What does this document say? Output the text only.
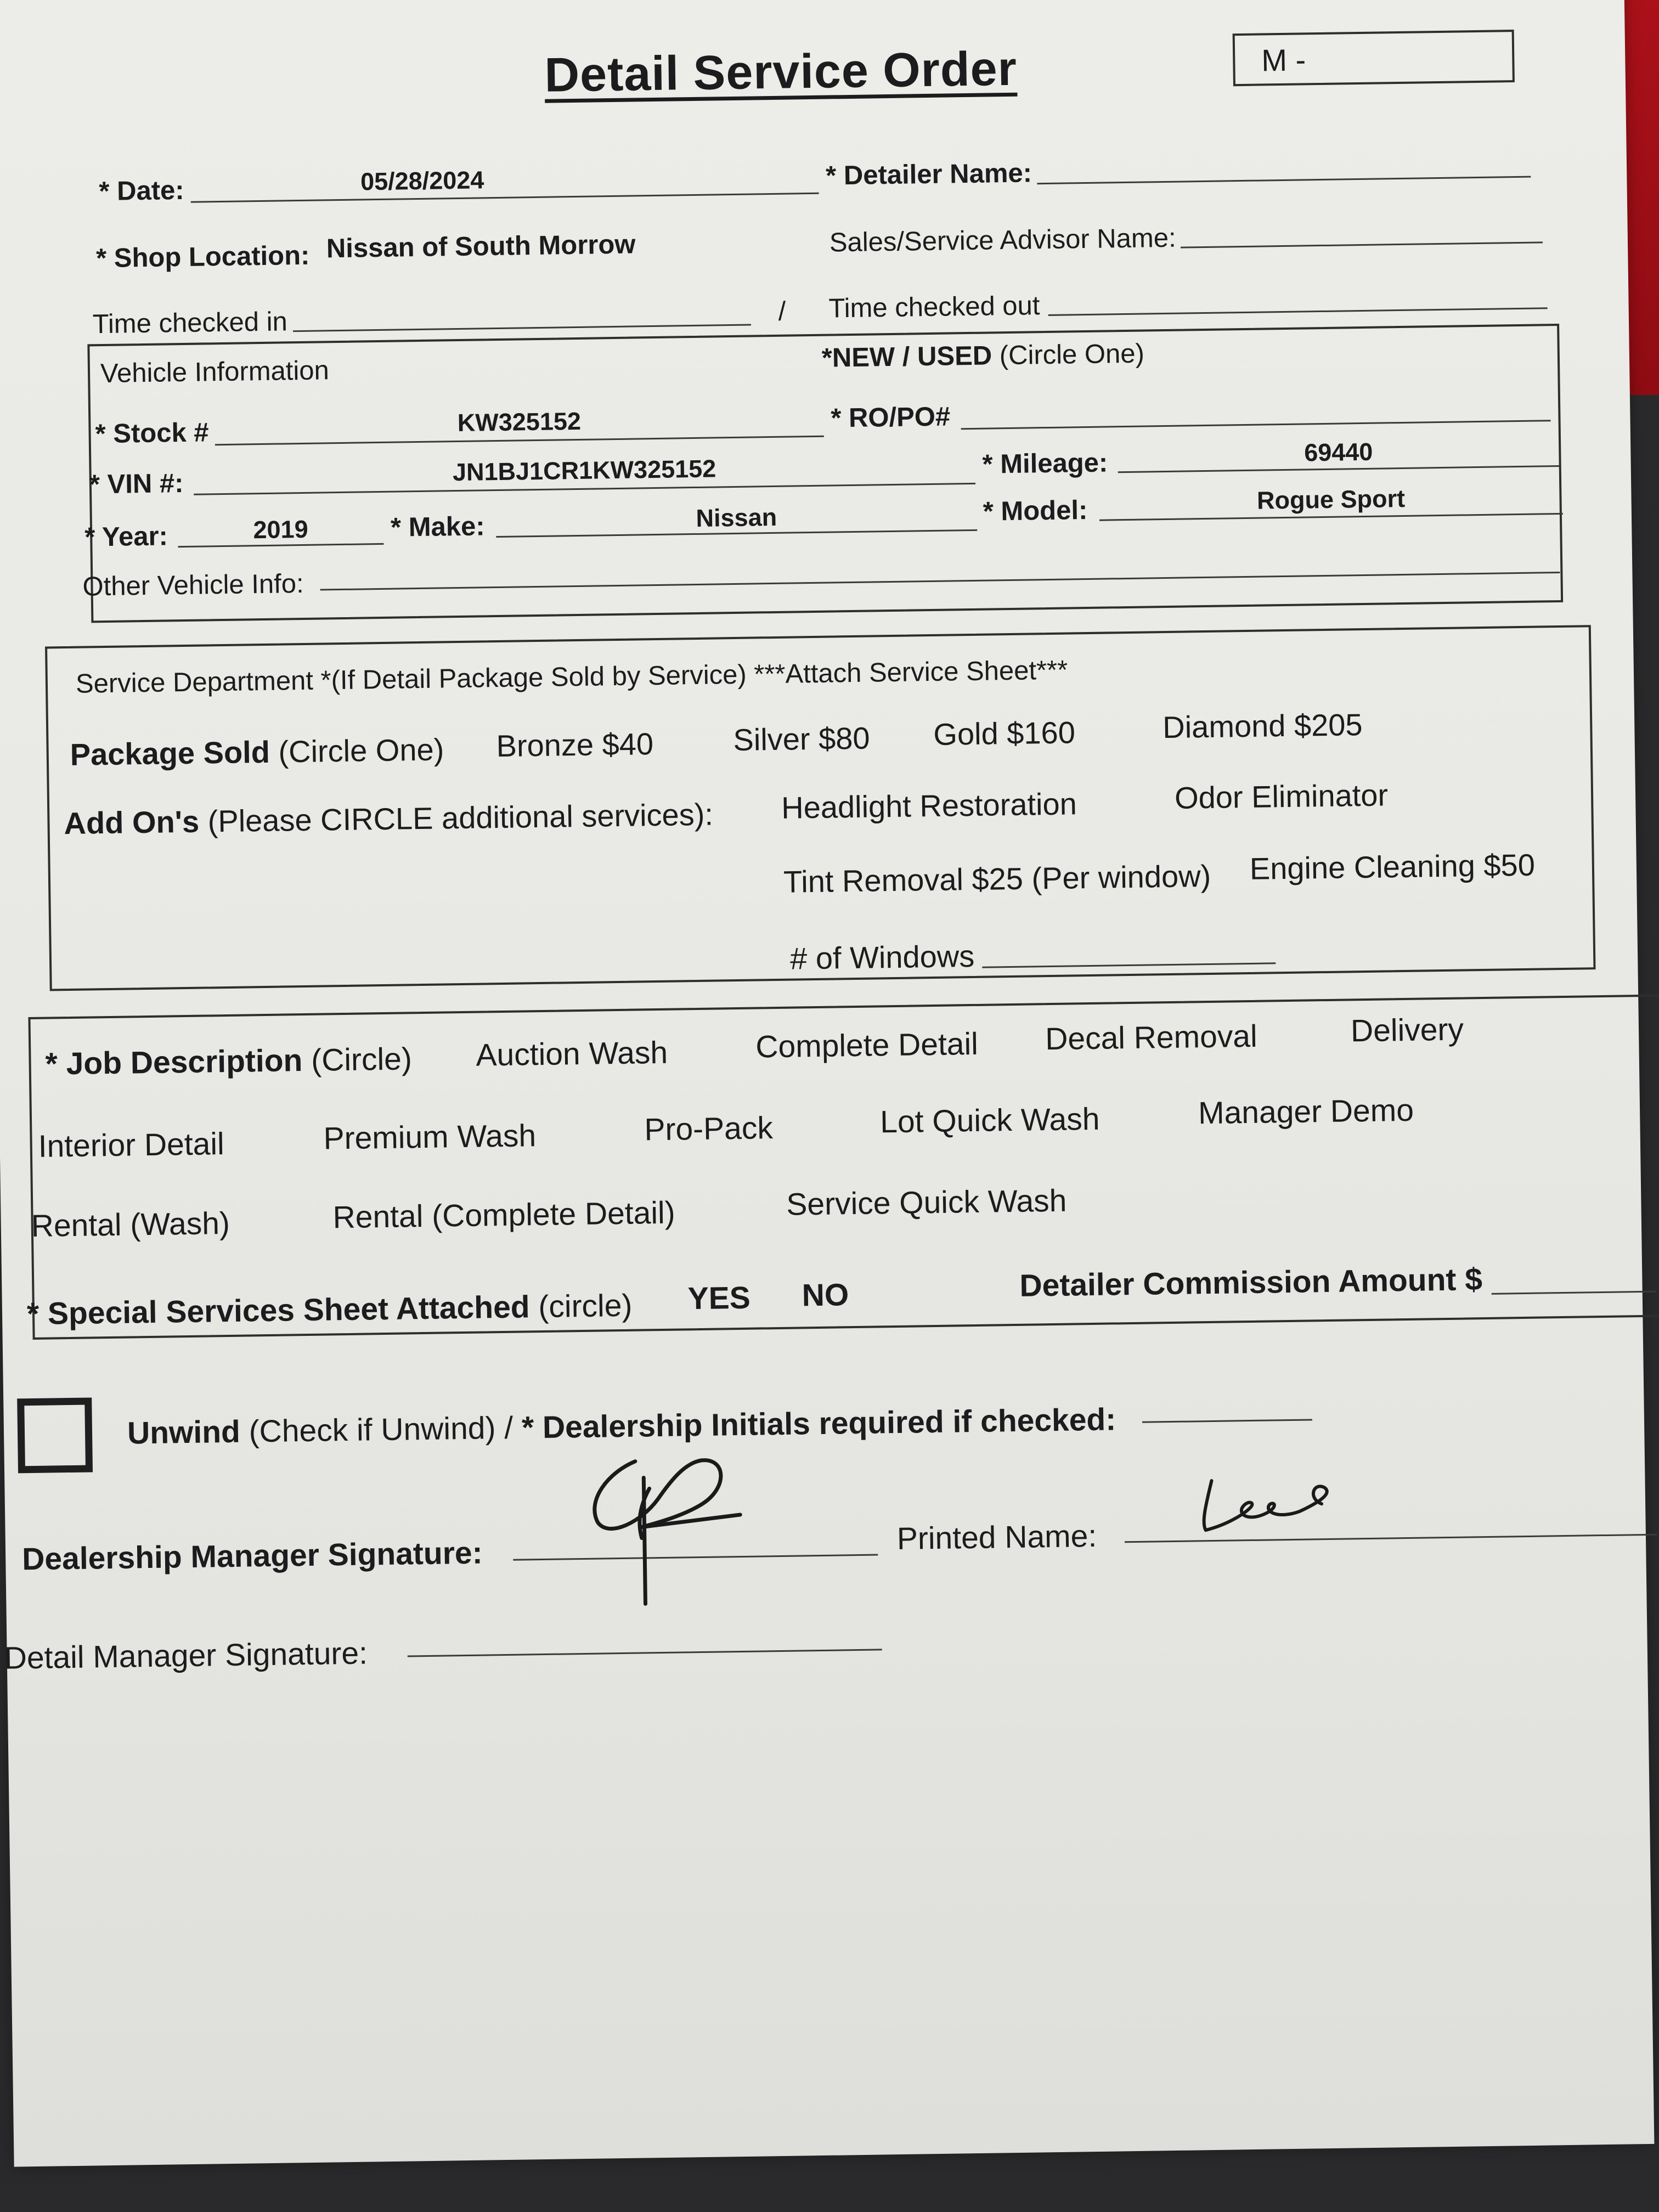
Detail Service Order	M -
* Date:	05/28/2024	* Detailer Name:
* Shop Location: Nissan of South Morrow	Sales/Service Advisor Name:
Time checked in	/ Time checked out
Vehicle Information	*NEW / USED (Circle One)
* Stock #	KW325152	* RO/PO#
* VIN #:	JN1BJ1CR1KW325152	* Mileage:	69440
* Year:	2019	* Make:	Nissan	* Model:	Rogue Sport
Other Vehicle Info:
Service Department *(If Detail Package Sold by Service) ***Attach Service Sheet***
Package Sold (Circle One) Bronze $40	Silver $80 Gold $160	Diamond $205
Add On's (Please CIRCLE additional services): Headlight Restoration	Odor Eliminator
Tint Removal $25 (Per window) Engine Cleaning $50
# of Windows
* Job Description (Circle) Auction Wash	Complete Detail Decal Removal	Delivery
Interior Detail	Premium Wash	Pro-Pack	Lot Quick Wash	Manager Demo
Rental (Wash)	Rental (Complete Detail)	Service Quick Wash
* Special Services Sheet Attached (circle) YES NO	Detailer Commission Amount $
Unwind (Check if Unwind) / * Dealership Initials required if checked:
Dealership Manager Signature:	Printed Name:
Detail Manager Signature:
